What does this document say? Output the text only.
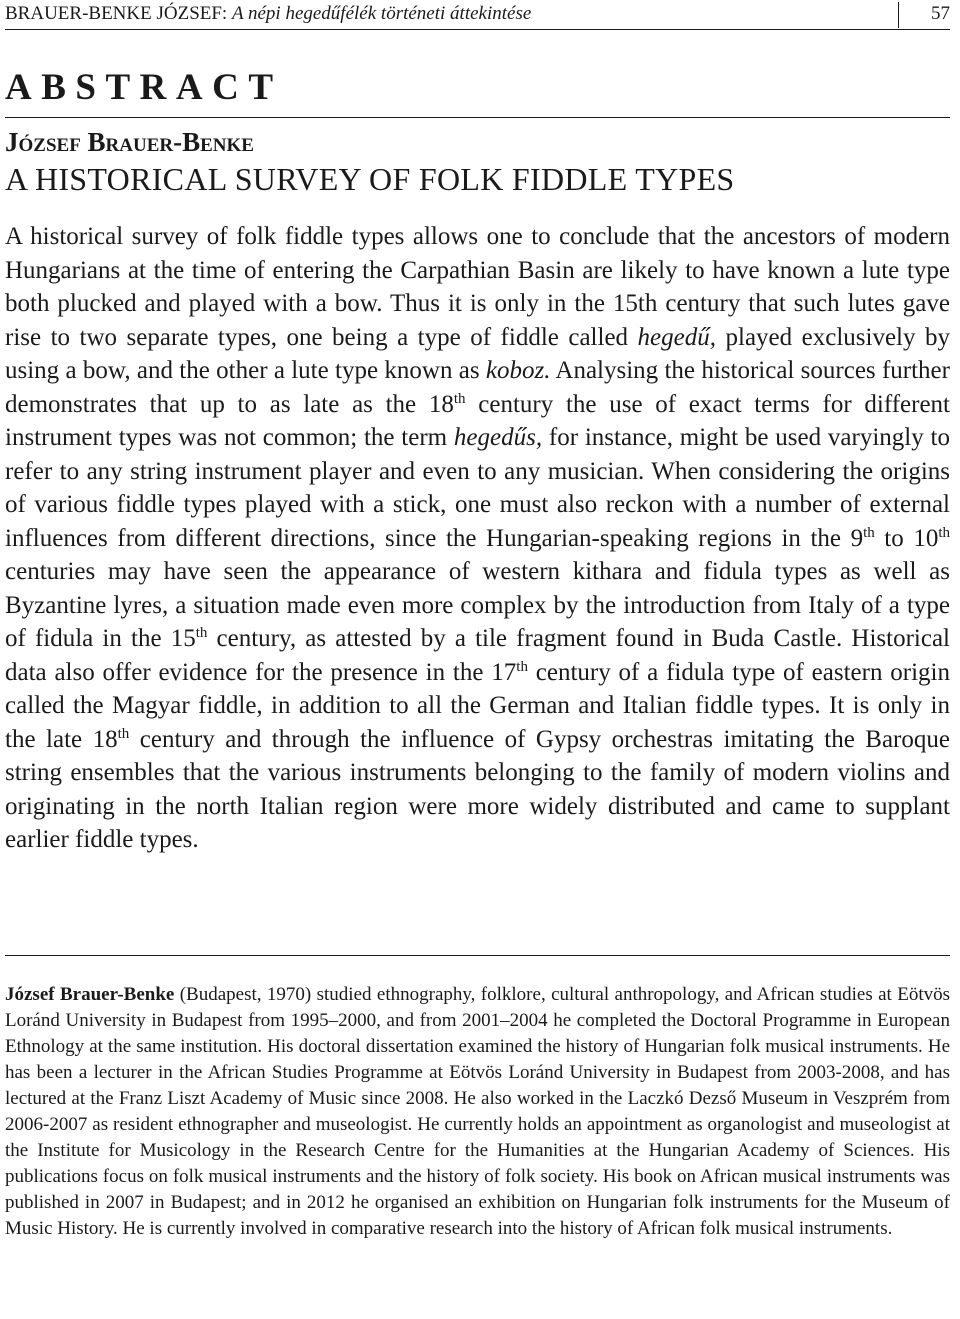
BRAUER-BENKE JÓZSEF: A népi hegedűfélék történeti áttekintése	57
ABSTRACT
József Brauer-Benke
A HISTORICAL SURVEY OF FOLK FIDDLE TYPES
A historical survey of folk fiddle types allows one to conclude that the ancestors of modern Hungarians at the time of entering the Carpathian Basin are likely to have known a lute type both plucked and played with a bow. Thus it is only in the 15th century that such lutes gave rise to two separate types, one being a type of fiddle called hegedű, played exclusively by using a bow, and the other a lute type known as koboz. Analysing the historical sources further demonstrates that up to as late as the 18th century the use of exact terms for different instrument types was not common; the term hegedűs, for instance, might be used varyingly to refer to any string instrument player and even to any musician. When considering the origins of various fiddle types played with a stick, one must also reckon with a number of external influences from different directions, since the Hungarian-speaking regions in the 9th to 10th centuries may have seen the appearance of western kithara and fidula types as well as Byzantine lyres, a situation made even more complex by the introduction from Italy of a type of fidula in the 15th century, as attested by a tile fragment found in Buda Castle. Historical data also offer evidence for the presence in the 17th century of a fidula type of eastern origin called the Magyar fiddle, in addition to all the German and Italian fiddle types. It is only in the late 18th century and through the influence of Gypsy orchestras imitating the Baroque string ensembles that the various instruments belonging to the family of modern violins and originating in the north Italian region were more widely distributed and came to supplant earlier fiddle types.
József Brauer-Benke (Budapest, 1970) studied ethnography, folklore, cultural anthropology, and African studies at Eötvös Loránd University in Budapest from 1995–2000, and from 2001–2004 he completed the Doctoral Programme in European Ethnology at the same institution. His doctoral dissertation examined the history of Hungarian folk musical instruments. He has been a lecturer in the African Studies Programme at Eötvös Loránd University in Budapest from 2003-2008, and has lectured at the Franz Liszt Academy of Music since 2008. He also worked in the Laczkó Dezső Museum in Veszprém from 2006-2007 as resident ethnographer and museologist. He currently holds an appointment as organologist and museologist at the Institute for Musicology in the Research Centre for the Humanities at the Hungarian Academy of Sciences. His publications focus on folk musical instruments and the history of folk society. His book on African musical instruments was published in 2007 in Budapest; and in 2012 he organised an exhibition on Hungarian folk instruments for the Museum of Music History. He is currently involved in comparative research into the history of African folk musical instruments.
